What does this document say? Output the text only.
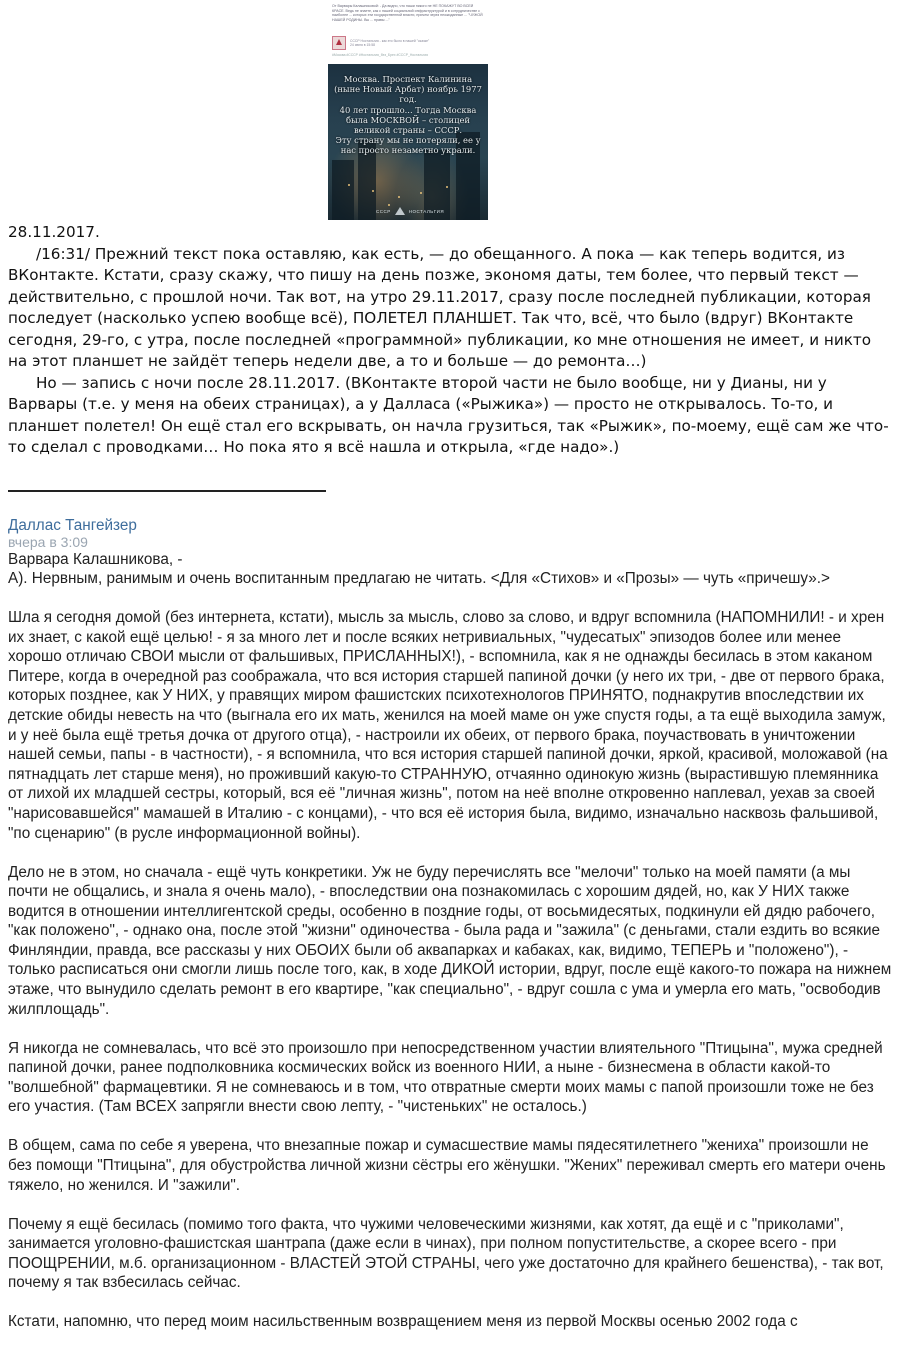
От Варвары Калашниковой: - Да видно, что наши никого не НЕ ПОКАЖУТ ВО ВСЕЙ КРАСЕ. Ведь не знаете, как с нашей социальной инфраструктурой и в сотрудничестве с наиболее ... которых эти государственной власти, причем через неожиданные ... "ЧУЖОЙ НАШЕЙ РОДИНЫ. Вы ... правы ..."
СССР Ностальгия - как это было в нашей "сказке"
24 июня в 15:58
#Москва #СССР #Ностальгия_без_Брех #СССР_Ностальгия
Москва. Проспект Калинина
(ныне Новый Арбат) ноябрь 1977
год.
40 лет прошло... Тогда Москва
была МОСКВОЙ – столицей
великой страны – СССР.
Эту страну мы не потеряли, ее у
нас просто незаметно украли.
СССР	НОСТАЛЬГИЯ
28.11.2017.

/16:31/ Прежний текст пока оставляю, как есть, — до обещанного. А пока — как теперь водится, из ВКонтакте. Кстати, сразу скажу, что пишу на день позже, экономя даты, тем более, что первый текст — действительно, с прошлой ночи. Так вот, на утро 29.11.2017, сразу после последней публикации, которая последует (насколько успею вообще всё), ПОЛЕТЕЛ ПЛАНШЕТ. Так что, всё, что было (вдруг) ВКонтакте сегодня, 29-го, с утра, после последней «программной» публикации, ко мне отношения не имеет, и никто на этот планшет не зайдёт теперь недели две, а то и больше — до ремонта…)

Но — запись с ночи после 28.11.2017. (ВКонтакте второй части не было вообще, ни у Дианы, ни у Варвары (т.е. у меня на обеих страницах), а у Далласа («Рыжика») — просто не открывалось. То-то, и планшет полетел! Он ещё стал его вскрывать, он начла грузиться, так «Рыжик», по-моему, ещё сам же что-то сделал с проводками… Но пока ято я всё нашла и открыла, «где надо».)

Даллас Тангейзер
вчера в 3:09
Варвара Калашникова, -
А). Нервным, ранимым и очень воспитанным предлагаю не читать. <Для «Стихов» и «Прозы» — чуть «причешу».>
Шла я сегодня домой (без интернета, кстати), мысль за мысль, слово за слово, и вдруг вспомнила (НАПОМНИЛИ! - и хрен их знает, с какой ещё целью! - я за много лет и после всяких нетривиальных, "чудесатых" эпизодов более или менее хорошо отличаю СВОИ мысли от фальшивых, ПРИСЛАННЫХ!), - вспомнила, как я не однажды бесилась в этом каканом Питере, когда в очередной раз соображала, что вся история старшей папиной дочки (у него их три, - две от первого брака, которых позднее, как У НИХ, у правящих миром фашистских психотехнологов ПРИНЯТО, поднакрутив впоследствии их детские обиды невесть на что (выгнала его их мать, женился на моей маме он уже спустя годы, а та ещё выходила замуж, и у неё была ещё третья дочка от другого отца), - настроили их обеих, от первого брака, поучаствовать в уничтожении нашей семьи, папы - в частности), - я вспомнила, что вся история старшей папиной дочки, яркой, красивой, моложавой (на пятнадцать лет старше меня), но проживший какую-то СТРАННУЮ, отчаянно одинокую жизнь (вырастившую племянника от лихой их младшей сестры, который, вся её "личная жизнь", потом на неё вполне откровенно наплевал, уехав за своей "нарисовавшейся" мамашей в Италию - с концами), - что вся её история была, видимо, изначально насквозь фальшивой, "по сценарию" (в русле информационной войны).
Дело не в этом, но сначала - ещё чуть конкретики. Уж не буду перечислять все "мелочи" только на моей памяти (а мы почти не общались, и знала я очень мало), - впоследствии она познакомилась с хорошим дядей, но, как У НИХ также водится в отношении интеллигентской среды, особенно в поздние годы, от восьмидесятых, подкинули ей дядю рабочего, "как положено", - однако она, после этой "жизни" одиночества - была рада и "зажила" (с деньгами, стали ездить во всякие Финляндии, правда, все рассказы у них ОБОИХ были об аквапарках и кабаках, как, видимо, ТЕПЕРЬ и "положено"), - только расписаться они смогли лишь после того, как, в ходе ДИКОЙ истории, вдруг, после ещё какого-то пожара на нижнем этаже, что вынудило сделать ремонт в его квартире, "как специально", - вдруг сошла с ума и умерла его мать, "освободив жилплощадь".
Я никогда не сомневалась, что всё это произошло при непосредственном участии влиятельного "Птицына", мужа средней папиной дочки, ранее подполковника космических войск из военного НИИ, а ныне - бизнесмена в области какой-то "волшебной" фармацевтики. Я не сомневаюсь и в том, что отвратные смерти моих мамы с папой произошли тоже не без его участия. (Там ВСЕХ запрягли внести свою лепту, - "чистеньких" не осталось.)
В общем, сама по себе я уверена, что внезапные пожар и сумасшествие мамы пядесятилетнего "жениха" произошли не без помощи "Птицына", для обустройства личной жизни сёстры его жёнушки. "Жених" переживал смерть его матери очень тяжело, но женился. И "зажили".
Почему я ещё бесилась (помимо того факта, что чужими человеческими жизнями, как хотят, да ещё и с "приколами", занимается уголовно-фашистская шантрапа (даже если в чинах), при полном попустительстве, а скорее всего - при ПООЩРЕНИИ, м.б. организационном - ВЛАСТЕЙ ЭТОЙ СТРАНЫ, чего уже достаточно для крайнего бешенства), - так вот, почему я так взбесилась сейчас.
Кстати, напомню, что перед моим насильственным возвращением меня из первой Москвы осенью 2002 года с
